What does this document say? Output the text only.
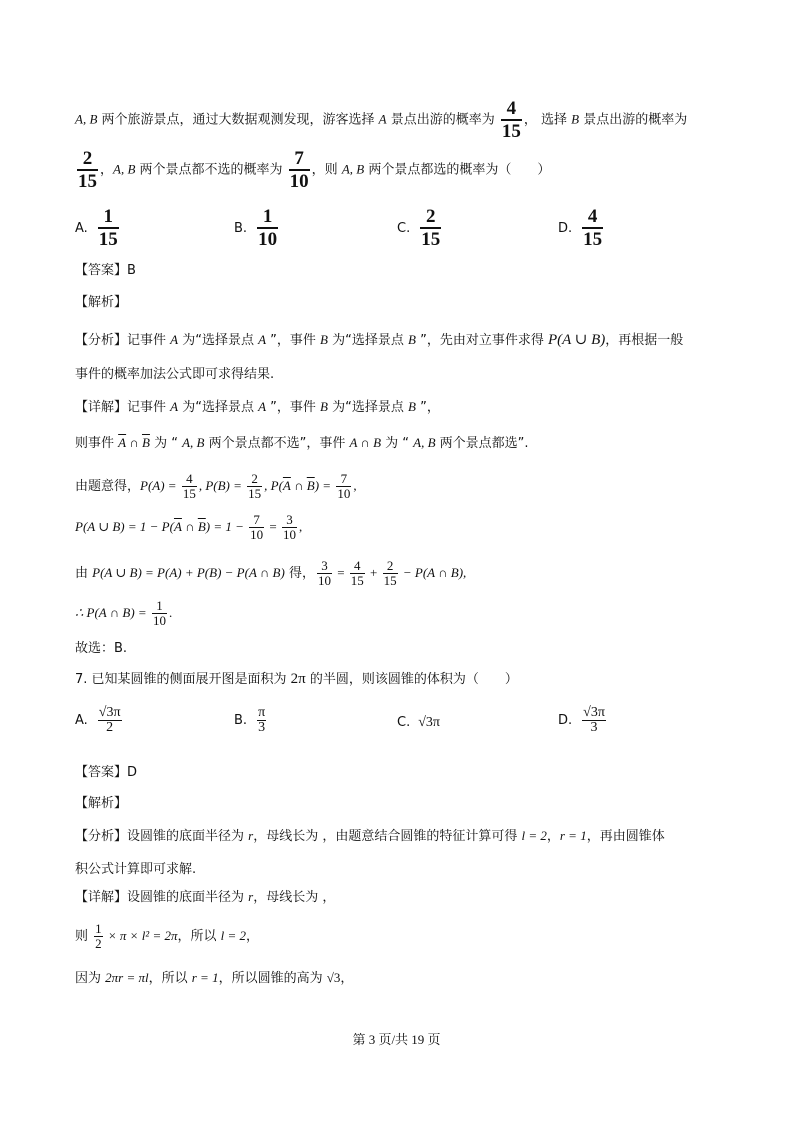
A, B 两个旅游景点，通过大数据观测发现，游客选择 A 景点出游的概率为 $\frac{4}{15}$ ， 选择 B 景点出游的概率为
$\frac{2}{15}$ ，A, B 两个景点都不选的概率为 $\frac{7}{10}$ ，则 A, B 两个景点都选的概率为（　　）
A. $\frac{1}{15}$	B. $\frac{1}{10}$	C. $\frac{2}{15}$	D. $\frac{4}{15}$
【答案】B
【解析】
【分析】记事件 A 为“选择景点 A ”，事件 B 为“选择景点 B ”，先由对立事件求得 P(A ∪ B)，再根据一般
事件的概率加法公式即可求得结果.
【详解】记事件 A 为“选择景点 A ”，事件 B 为“选择景点 B ”，
则事件 $\overline{A}$ ∩ $\overline{B}$ 为 “ A, B 两个景点都不选”，事件 A ∩ B 为 “ A, B 两个景点都选”.
由题意得，$P(A) = \frac{4}{15}$ , $P(B) = \frac{2}{15}$ , $P(\overline{A}$ ∩ $\overline{B}) = \frac{7}{10}$ ,
P(A ∪ $B) = 1 - P(\overline{A}$ ∩ $\overline{B}) = 1 - \frac{7}{10} = \frac{3}{10}$ ,
由 P(A ∪ B) = P(A) + P(B) − P(A ∩ B) 得， $\frac{3}{10} = \frac{4}{15} + \frac{2}{15} - P(A$ ∩ B),
∴ P(A ∩ $B) = \frac{1}{10}$ .
故选：B.
7. 已知某圆锥的侧面展开图是面积为 2π 的半圆，则该圆锥的体积为（　　）
A. $\frac{√3\pi}{2}$	B. $\frac{\pi}{3}$	C. √3π	D. $\frac{√3\pi}{3}$
【答案】D
【解析】
【分析】设圆锥的底面半径为 r，母线长为 ，由题意结合圆锥的特征计算可得 l = 2，r = 1，再由圆锥体
积公式计算即可求解.
【详解】设圆锥的底面半径为 r，母线长为 ，
则 $\frac{1}{2} \times \pi \times l^2 = 2\pi$，所以 l = 2，
因为 2πr = πl，所以 r = 1，所以圆锥的高为 √3，
第 3 页/共 19 页
